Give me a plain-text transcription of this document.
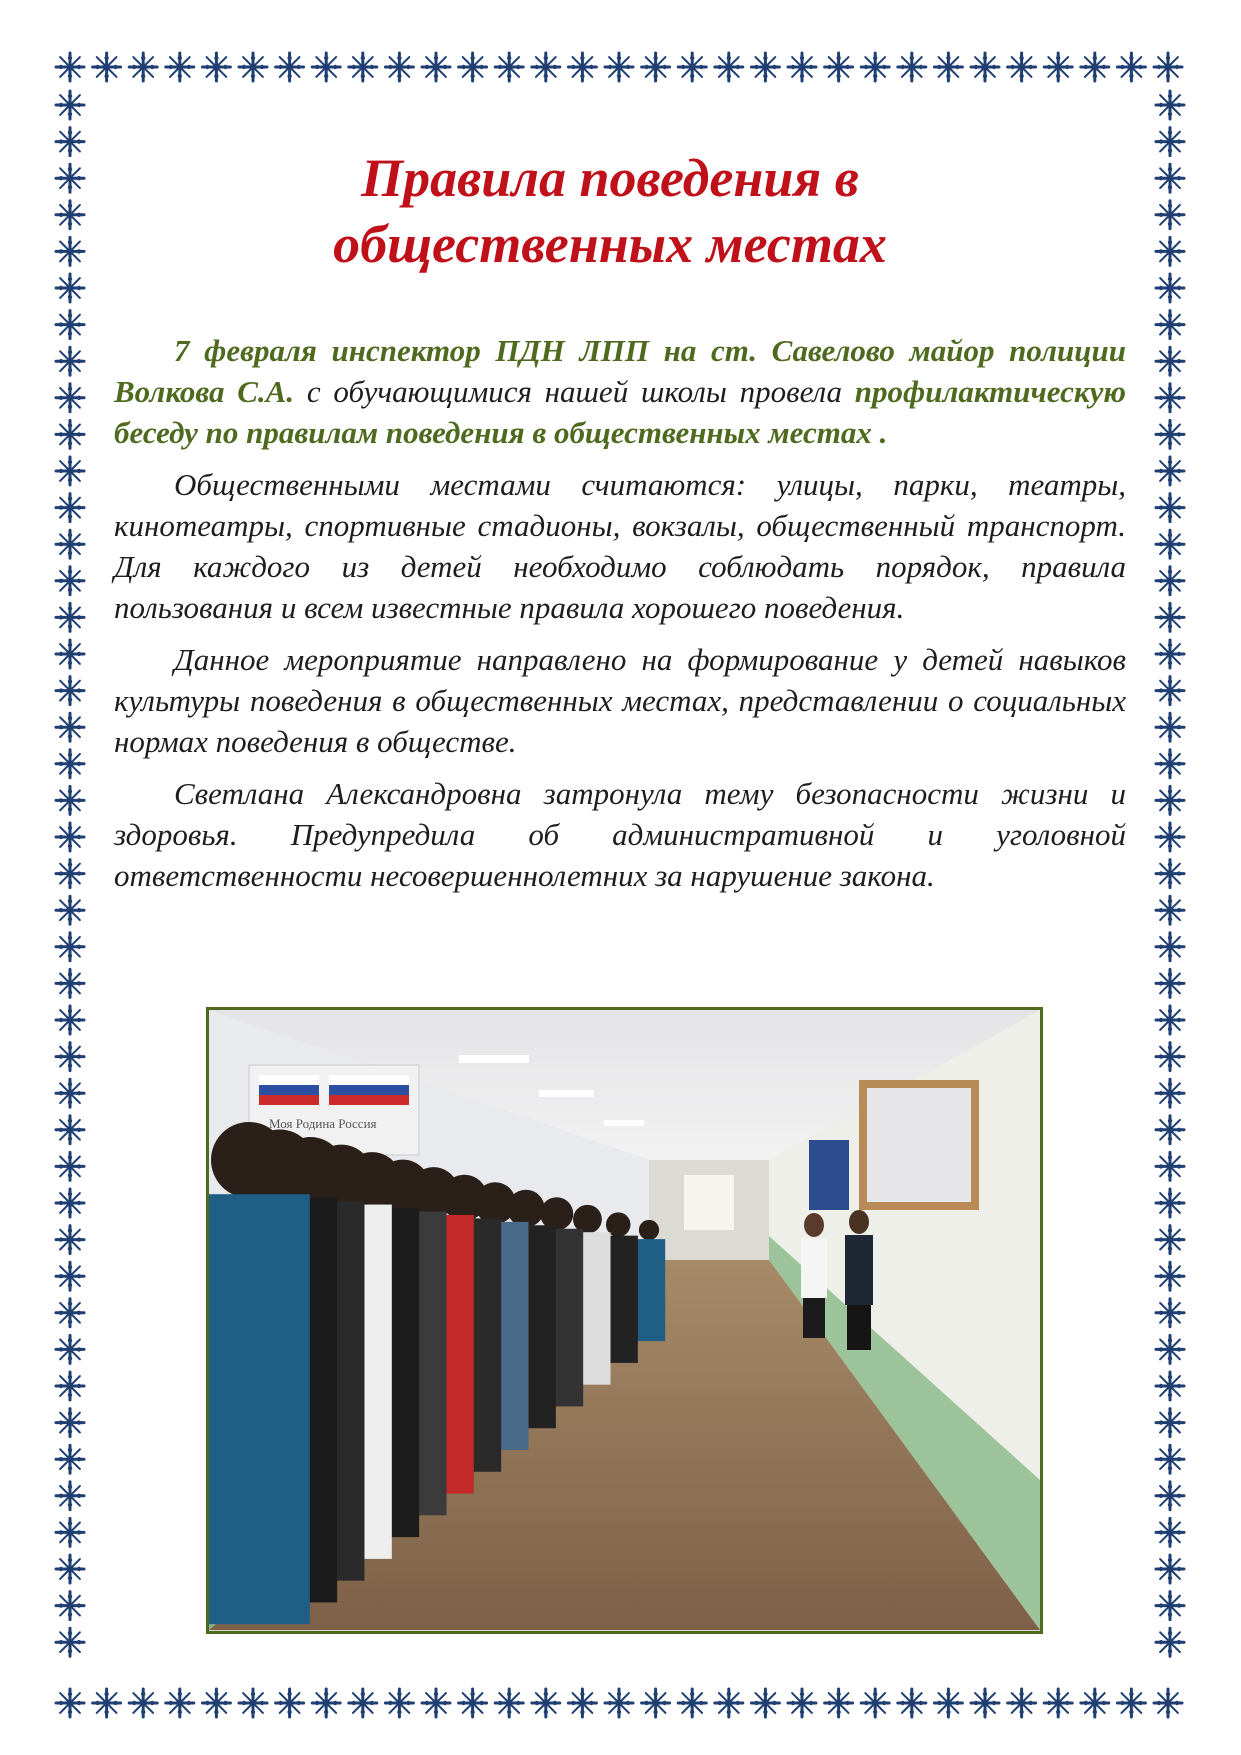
Правила поведения в
общественных местах

7 февраля инспектор ПДН ЛПП на ст. Савелово майор полиции Волкова С.А. с обучающимися нашей школы провела профилактическую беседу по правилам поведения в общественных местах .

Общественными местами считаются: улицы, парки, театры, кинотеатры, спортивные стадионы, вокзалы, общественный транспорт. Для каждого из детей необходимо соблюдать порядок, правила пользования и всем известные правила хорошего поведения.

Данное мероприятие направлено на формирование у детей навыков культуры поведения в общественных местах, представлении о социальных нормах поведения в обществе.

Светлана Александровна затронула тему безопасности жизни и здоровья. Предупредила об административной и уголовной ответственности несовершеннолетних за нарушение закона.

Моя Родина Россия
